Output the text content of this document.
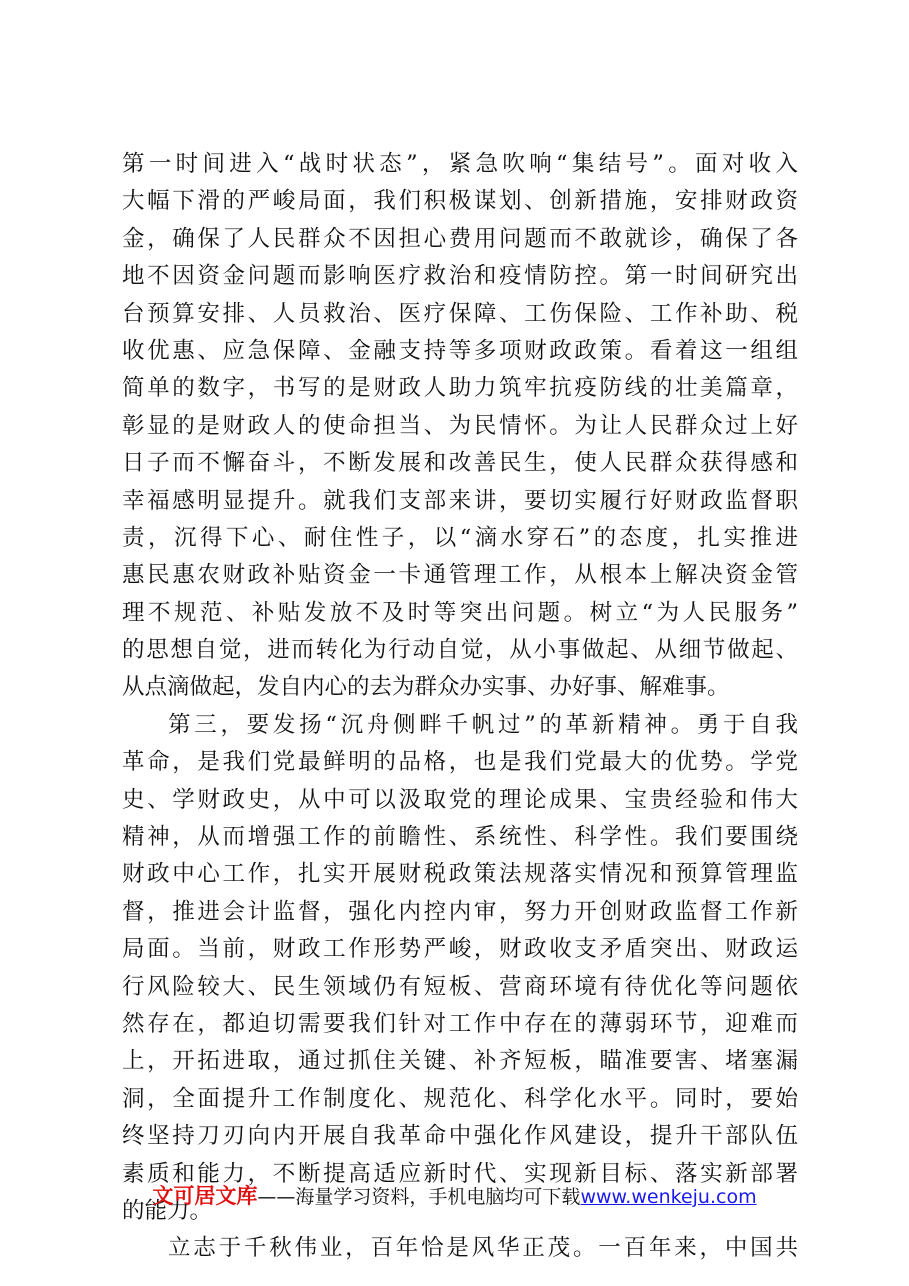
第一时间进入“战时状态”，紧急吹响“集结号”。面对收入
大幅下滑的严峻局面，我们积极谋划、创新措施，安排财政资
金，确保了人民群众不因担心费用问题而不敢就诊，确保了各
地不因资金问题而影响医疗救治和疫情防控。第一时间研究出
台预算安排、人员救治、医疗保障、工伤保险、工作补助、税
收优惠、应急保障、金融支持等多项财政政策。看着这一组组
简单的数字，书写的是财政人助力筑牢抗疫防线的壮美篇章，
彰显的是财政人的使命担当、为民情怀。为让人民群众过上好
日子而不懈奋斗，不断发展和改善民生，使人民群众获得感和
幸福感明显提升。就我们支部来讲，要切实履行好财政监督职
责，沉得下心、耐住性子，以“滴水穿石”的态度，扎实推进
惠民惠农财政补贴资金一卡通管理工作，从根本上解决资金管
理不规范、补贴发放不及时等突出问题。树立“为人民服务”
的思想自觉，进而转化为行动自觉，从小事做起、从细节做起、
从点滴做起，发自内心的去为群众办实事、办好事、解难事。
第三，要发扬“沉舟侧畔千帆过”的革新精神。勇于自我
革命，是我们党最鲜明的品格，也是我们党最大的优势。学党
史、学财政史，从中可以汲取党的理论成果、宝贵经验和伟大
精神，从而增强工作的前瞻性、系统性、科学性。我们要围绕
财政中心工作，扎实开展财税政策法规落实情况和预算管理监
督，推进会计监督，强化内控内审，努力开创财政监督工作新
局面。当前，财政工作形势严峻，财政收支矛盾突出、财政运
行风险较大、民生领域仍有短板、营商环境有待优化等问题依
然存在，都迫切需要我们针对工作中存在的薄弱环节，迎难而
上，开拓进取，通过抓住关键、补齐短板，瞄准要害、堵塞漏
洞，全面提升工作制度化、规范化、科学化水平。同时，要始
终坚持刀刃向内开展自我革命中强化作风建设，提升干部队伍
素质和能力，不断提高适应新时代、实现新目标、落实新部署
的能力。
立志于千秋伟业，百年恰是风华正茂。一百年来，中国共
文可居文库——海量学习资料，手机电脑均可下载www.wenkeju.com
